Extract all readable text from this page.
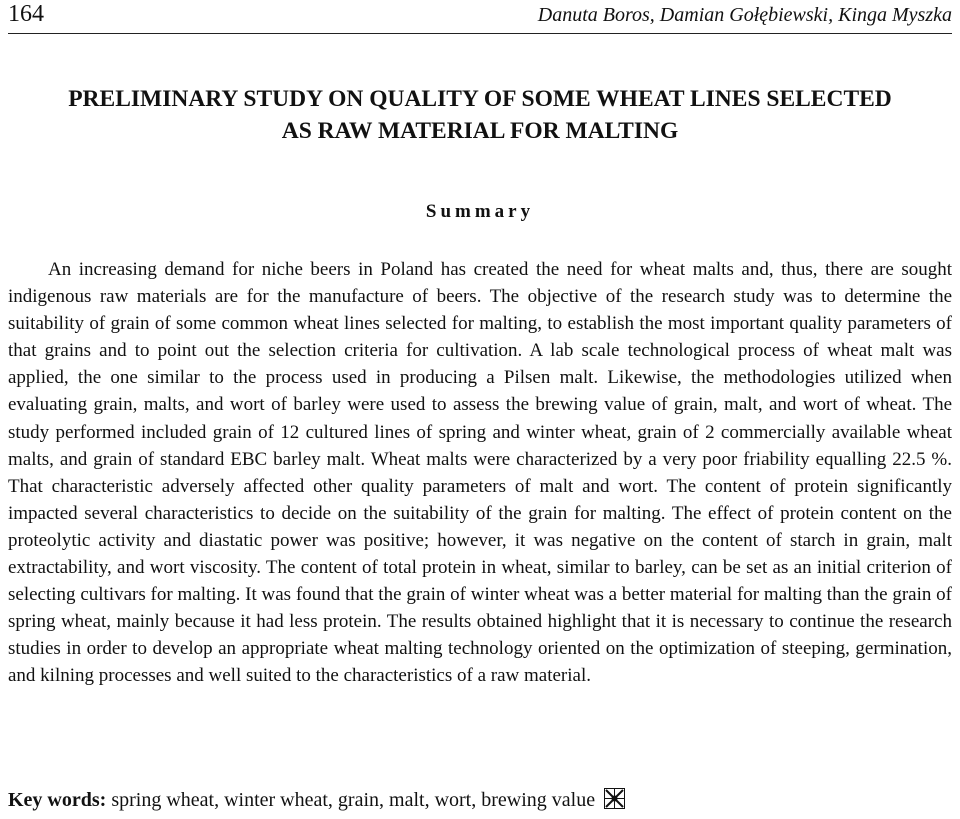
164	Danuta Boros, Damian Gołębiewski, Kinga Myszka
PRELIMINARY STUDY ON QUALITY OF SOME WHEAT LINES SELECTED
AS RAW MATERIAL FOR MALTING
Summary

An increasing demand for niche beers in Poland has created the need for wheat malts and, thus, there are sought indigenous raw materials are for the manufacture of beers. The objective of the research study was to determine the suitability of grain of some common wheat lines selected for malting, to establish the most important quality parameters of that grains and to point out the selection criteria for cultivation. A lab scale technological process of wheat malt was applied, the one similar to the process used in producing a Pilsen malt. Likewise, the methodologies utilized when evaluating grain, malts, and wort of barley were used to assess the brewing value of grain, malt, and wort of wheat. The study performed included grain of 12 cultured lines of spring and winter wheat, grain of 2 commercially available wheat malts, and grain of standard EBC barley malt. Wheat malts were characterized by a very poor friability equalling 22.5 %. That characteristic adversely affected other quality parameters of malt and wort. The content of protein significantly impacted several characteristics to decide on the suitability of the grain for malting. The effect of protein content on the proteolytic activity and diastatic power was positive; however, it was negative on the content of starch in grain, malt extractability, and wort viscosity. The content of total protein in wheat, similar to barley, can be set as an initial criterion of selecting cultivars for malting. It was found that the grain of winter wheat was a better material for malting than the grain of spring wheat, mainly because it had less protein. The results obtained highlight that it is necessary to continue the research studies in order to develop an appropriate wheat malting technology oriented on the optimization of steeping, germination, and kilning processes and well suited to the characteristics of a raw material.

Key words: spring wheat, winter wheat, grain, malt, wort, brewing value
